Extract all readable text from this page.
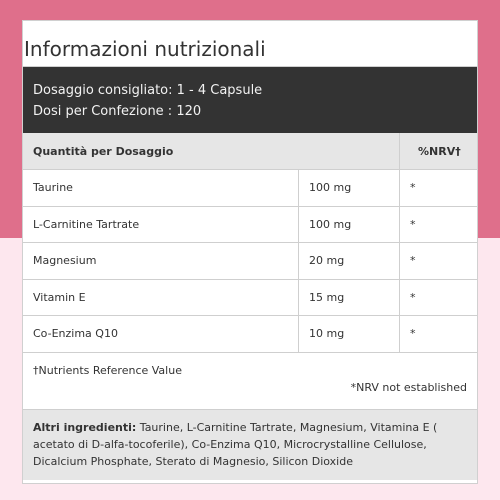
Informazioni nutrizionali
Dosaggio consigliato: 1 - 4 Capsule
Dosi per Confezione : 120
Quantità per Dosaggio	%NRV†
Taurine	100 mg	*
L-Carnitine Tartrate	100 mg	*
Magnesium	20 mg	*
Vitamin E	15 mg	*
Co-Enzima Q10	10 mg	*
†Nutrients Reference Value
*NRV not established
Altri ingredienti: Taurine, L-Carnitine Tartrate, Magnesium, Vitamina E ( acetato di D-alfa-tocoferile), Co-Enzima Q10, Microcrystalline Cellulose, Dicalcium Phosphate, Sterato di Magnesio, Silicon Dioxide
